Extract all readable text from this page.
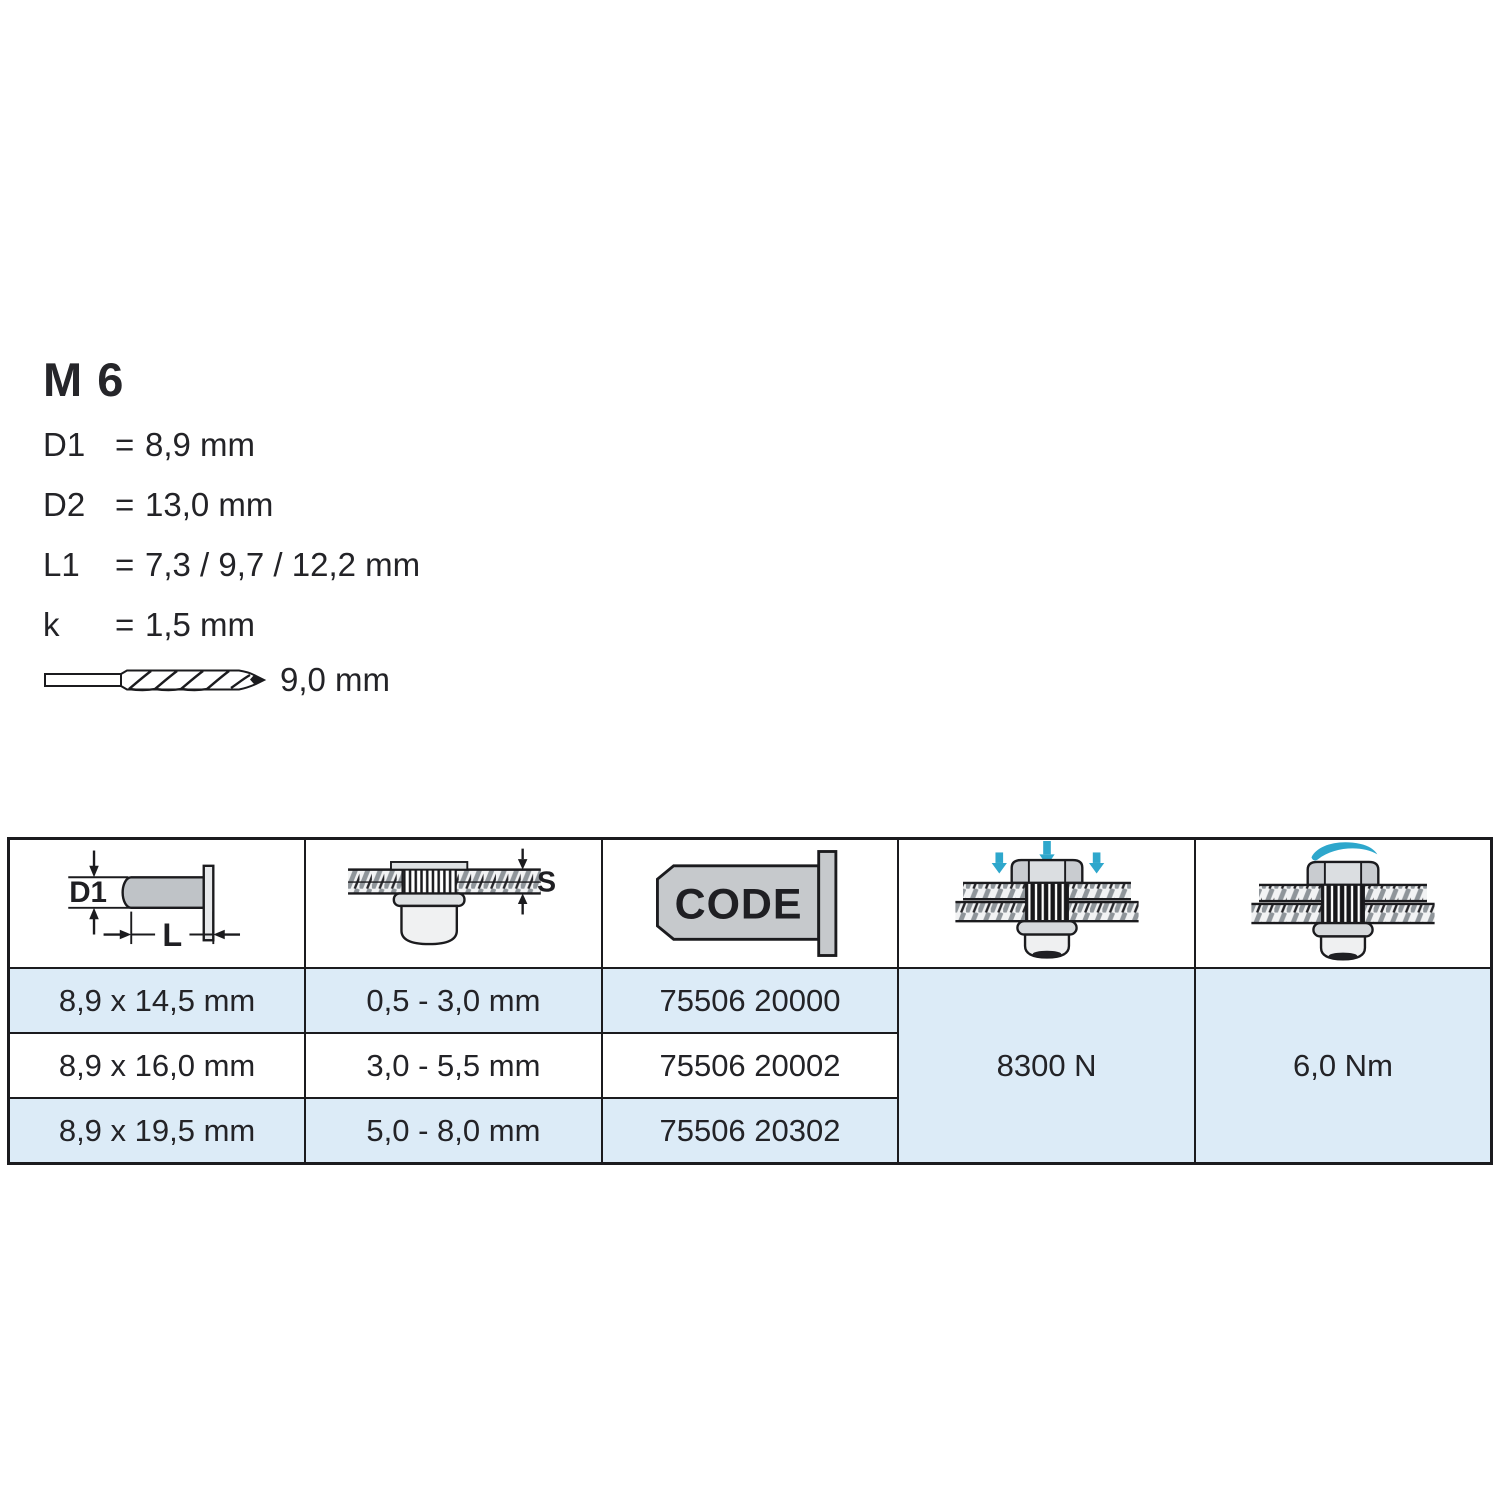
M 6
D1 = 8,9 mm
D2 = 13,0 mm
L1	= 7,3 / 9,7 / 12,2 mm
k	= 1,5 mm
9,0 mm
D1
L	S	CODE

8,9 x 14,5 mm	0,5 - 3,0 mm	75506 20000	8300 N	6,0 Nm
8,9 x 16,0 mm	3,0 - 5,5 mm	75506 20002		
8,9 x 19,5 mm	5,0 - 8,0 mm	75506 20302		
